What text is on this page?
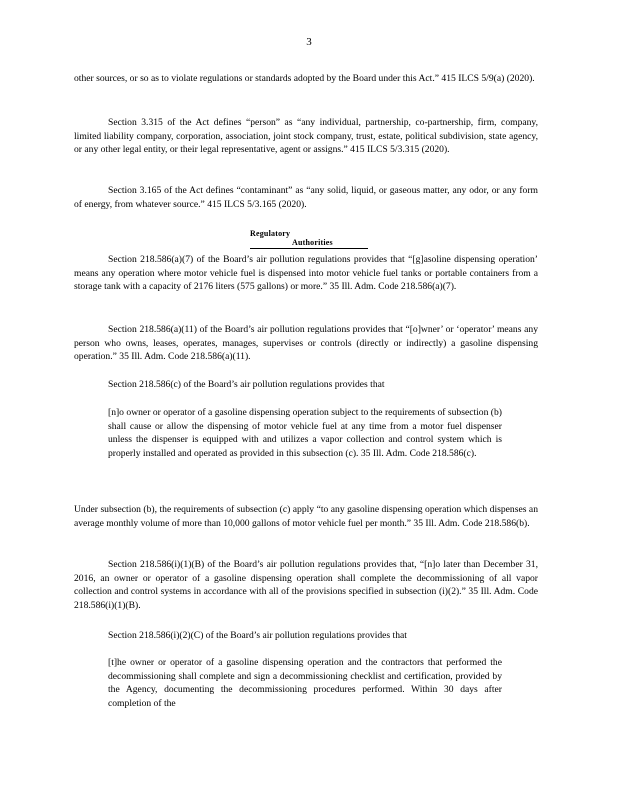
3

other sources, or so as to violate regulations or standards adopted by the Board under this Act.” 415 ILCS 5/9(a) (2020).

Section 3.315 of the Act defines “person” as “any individual, partnership, co-partnership, firm, company, limited liability company, corporation, association, joint stock company, trust, estate, political subdivision, state agency, or any other legal entity, or their legal representative, agent or assigns.” 415 ILCS 5/3.315 (2020).

Section 3.165 of the Act defines “contaminant” as “any solid, liquid, or gaseous matter, any odor, or any form of energy, from whatever source.” 415 ILCS 5/3.165 (2020).

RegulatoryAuthorities

Section 218.586(a)(7) of the Board’s air pollution regulations provides that “[g]asoline dispensing operation’ means any operation where motor vehicle fuel is dispensed into motor vehicle fuel tanks or portable containers from a storage tank with a capacity of 2176 liters (575 gallons) or more.” 35 Ill. Adm. Code 218.586(a)(7).

Section 218.586(a)(11) of the Board’s air pollution regulations provides that “[o]wner’ or ‘operator’ means any person who owns, leases, operates, manages, supervises or controls (directly or indirectly) a gasoline dispensing operation.” 35 Ill. Adm. Code 218.586(a)(11).

Section 218.586(c) of the Board’s air pollution regulations provides that

[n]o owner or operator of a gasoline dispensing operation subject to the requirements of subsection (b) shall cause or allow the dispensing of motor vehicle fuel at any time from a motor fuel dispenser unless the dispenser is equipped with and utilizes a vapor collection and control system which is properly installed and operated as provided in this subsection (c). 35 Ill. Adm. Code 218.586(c).

Under subsection (b), the requirements of subsection (c) apply “to any gasoline dispensing operation which dispenses an average monthly volume of more than 10,000 gallons of motor vehicle fuel per month.” 35 Ill. Adm. Code 218.586(b).

Section 218.586(i)(1)(B) of the Board’s air pollution regulations provides that, “[n]o later than December 31, 2016, an owner or operator of a gasoline dispensing operation shall complete the decommissioning of all vapor collection and control systems in accordance with all of the provisions specified in subsection (i)(2).” 35 Ill. Adm. Code 218.586(i)(1)(B).

Section 218.586(i)(2)(C) of the Board’s air pollution regulations provides that

[t]he owner or operator of a gasoline dispensing operation and the contractors that performed the decommissioning shall complete and sign a decommissioning checklist and certification, provided by the Agency, documenting the decommissioning procedures performed. Within 30 days after completion of the
